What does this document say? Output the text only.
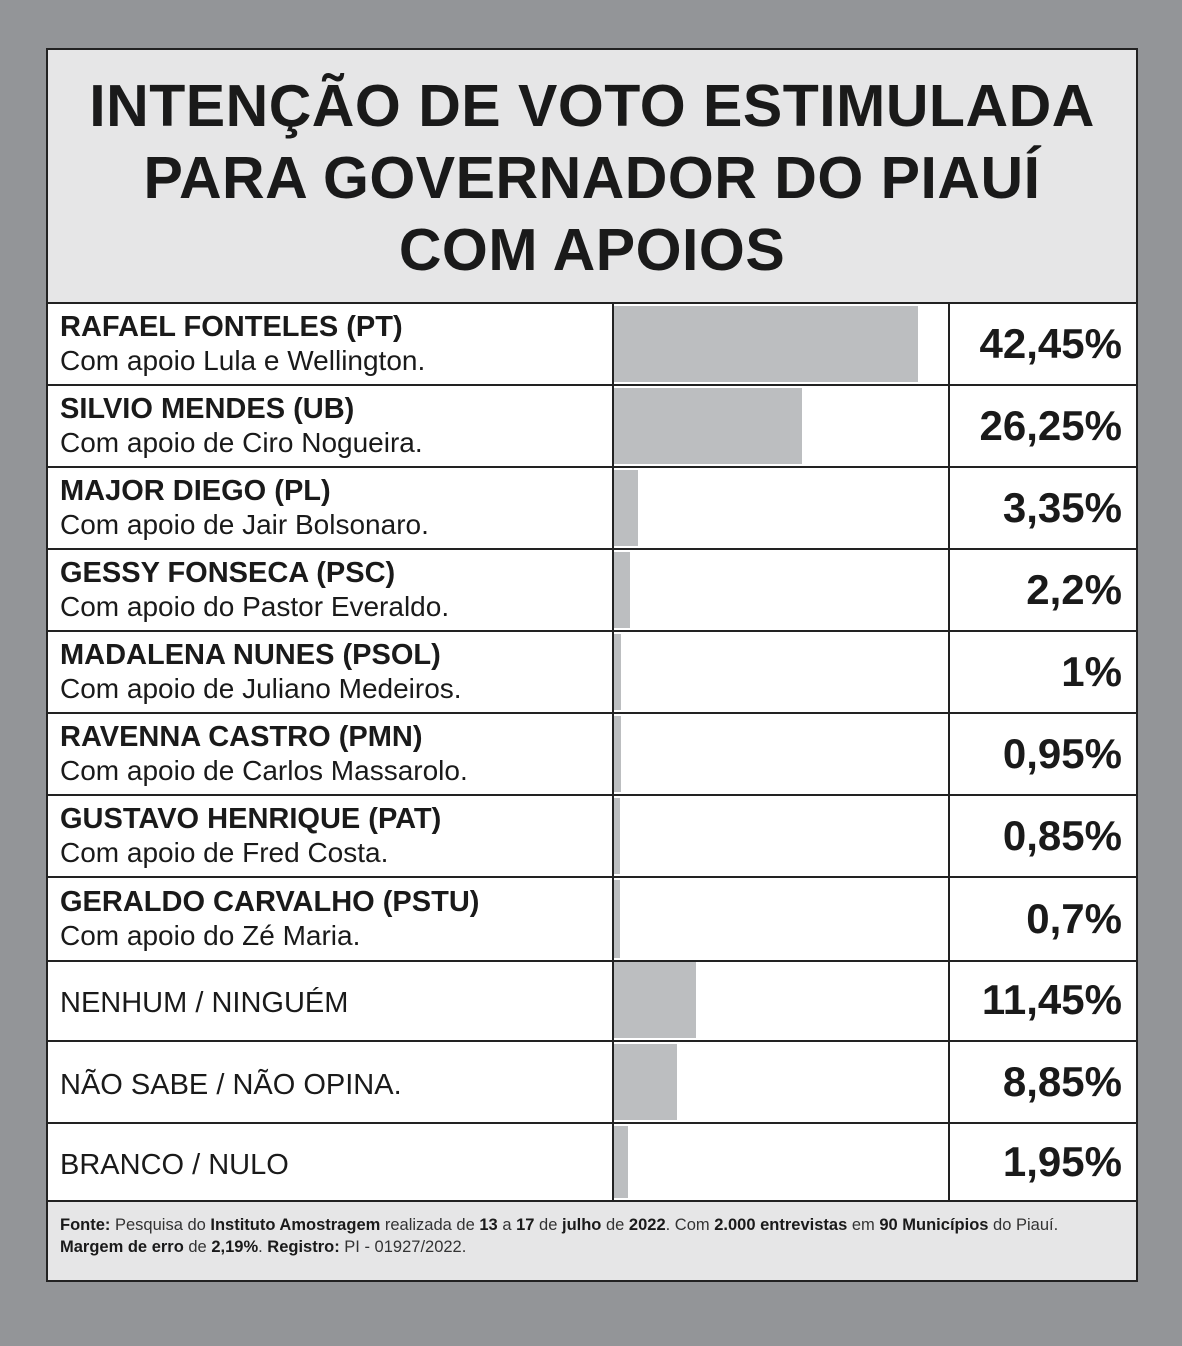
INTENÇÃO DE VOTO ESTIMULADA
PARA GOVERNADOR DO PIAUÍ
COM APOIOS
RAFAEL FONTELES (PT)
Com apoio Lula e Wellington.	42,45%
SILVIO MENDES (UB)
Com apoio de Ciro Nogueira.	26,25%
MAJOR DIEGO (PL)
Com apoio de Jair Bolsonaro.	3,35%
GESSY FONSECA (PSC)
Com apoio do Pastor Everaldo.	2,2%
MADALENA NUNES (PSOL)
Com apoio de Juliano Medeiros.	1%
RAVENNA CASTRO (PMN)
Com apoio de Carlos Massarolo.	0,95%
GUSTAVO HENRIQUE (PAT)
Com apoio de Fred Costa.	0,85%
GERALDO CARVALHO (PSTU)
Com apoio do Zé Maria.	0,7%
NENHUM / NINGUÉM	11,45%
NÃO SABE / NÃO OPINA.	8,85%
BRANCO / NULO	1,95%
Fonte: Pesquisa do Instituto Amostragem realizada de 13 a 17 de julho de 2022. Com 2.000 entrevistas em 90 Municípios do Piauí. Margem de erro de 2,19%. Registro: PI - 01927/2022.
